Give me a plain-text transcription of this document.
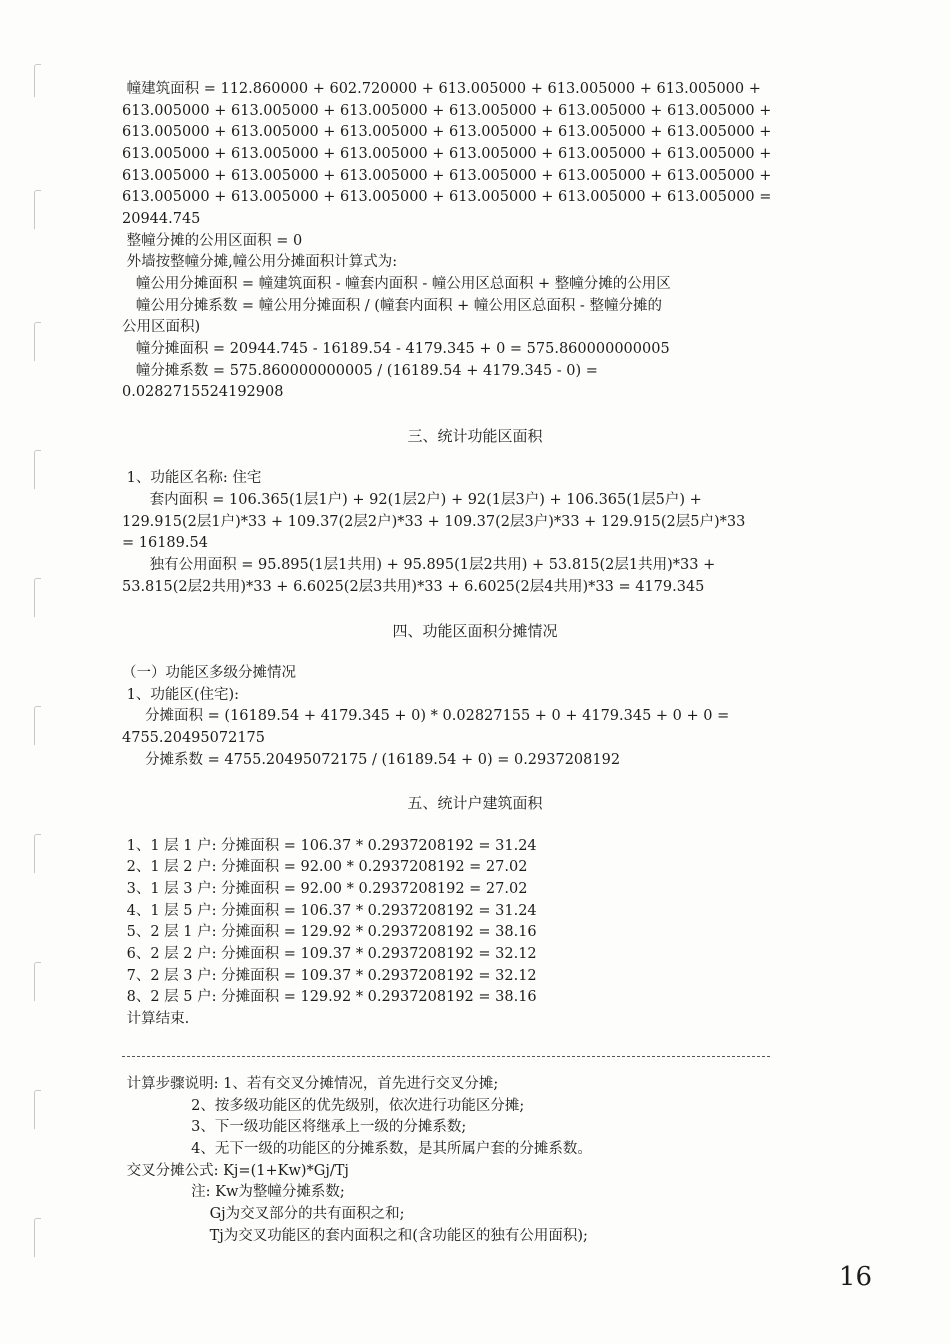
幢建筑面积 = 112.860000 + 602.720000 + 613.005000 + 613.005000 + 613.005000 +
613.005000 + 613.005000 + 613.005000 + 613.005000 + 613.005000 + 613.005000 +
613.005000 + 613.005000 + 613.005000 + 613.005000 + 613.005000 + 613.005000 +
613.005000 + 613.005000 + 613.005000 + 613.005000 + 613.005000 + 613.005000 +
613.005000 + 613.005000 + 613.005000 + 613.005000 + 613.005000 + 613.005000 +
613.005000 + 613.005000 + 613.005000 + 613.005000 + 613.005000 + 613.005000 =
20944.745
整幢分摊的公用区面积 = 0
外墙按整幢分摊,幢公用分摊面积计算式为:
幢公用分摊面积 = 幢建筑面积 - 幢套内面积 - 幢公用区总面积 + 整幢分摊的公用区
幢公用分摊系数 = 幢公用分摊面积 / (幢套内面积 + 幢公用区总面积 - 整幢分摊的
公用区面积)
幢分摊面积 = 20944.745 - 16189.54 - 4179.345 + 0 = 575.860000000005
幢分摊系数 = 575.860000000005 / (16189.54 + 4179.345 - 0) =
0.0282715524192908
三、统计功能区面积
1、功能区名称: 住宅
套内面积 = 106.365(1层1户) + 92(1层2户) + 92(1层3户) + 106.365(1层5户) +
129.915(2层1户)*33 + 109.37(2层2户)*33 + 109.37(2层3户)*33 + 129.915(2层5户)*33
= 16189.54
独有公用面积 = 95.895(1层1共用) + 95.895(1层2共用) + 53.815(2层1共用)*33 +
53.815(2层2共用)*33 + 6.6025(2层3共用)*33 + 6.6025(2层4共用)*33 = 4179.345
四、功能区面积分摊情况
（一）功能区多级分摊情况
1、功能区(住宅):
分摊面积 = (16189.54 + 4179.345 + 0) * 0.02827155 + 0 + 4179.345 + 0 + 0 =
4755.20495072175
分摊系数 = 4755.20495072175 / (16189.54 + 0) = 0.2937208192
五、统计户建筑面积
1、1 层 1 户: 分摊面积 = 106.37 * 0.2937208192 = 31.24
2、1 层 2 户: 分摊面积 = 92.00 * 0.2937208192 = 27.02
3、1 层 3 户: 分摊面积 = 92.00 * 0.2937208192 = 27.02
4、1 层 5 户: 分摊面积 = 106.37 * 0.2937208192 = 31.24
5、2 层 1 户: 分摊面积 = 129.92 * 0.2937208192 = 38.16
6、2 层 2 户: 分摊面积 = 109.37 * 0.2937208192 = 32.12
7、2 层 3 户: 分摊面积 = 109.37 * 0.2937208192 = 32.12
8、2 层 5 户: 分摊面积 = 129.92 * 0.2937208192 = 38.16
计算结束.
计算步骤说明: 1、若有交叉分摊情况，首先进行交叉分摊;
2、按多级功能区的优先级别，依次进行功能区分摊;
3、下一级功能区将继承上一级的分摊系数;
4、无下一级的功能区的分摊系数，是其所属户套的分摊系数。
交叉分摊公式: Kj=(1+Kw)*Gj/Tj
注: Kw为整幢分摊系数;
Gj为交叉部分的共有面积之和;
Tj为交叉功能区的套内面积之和(含功能区的独有公用面积);
16
